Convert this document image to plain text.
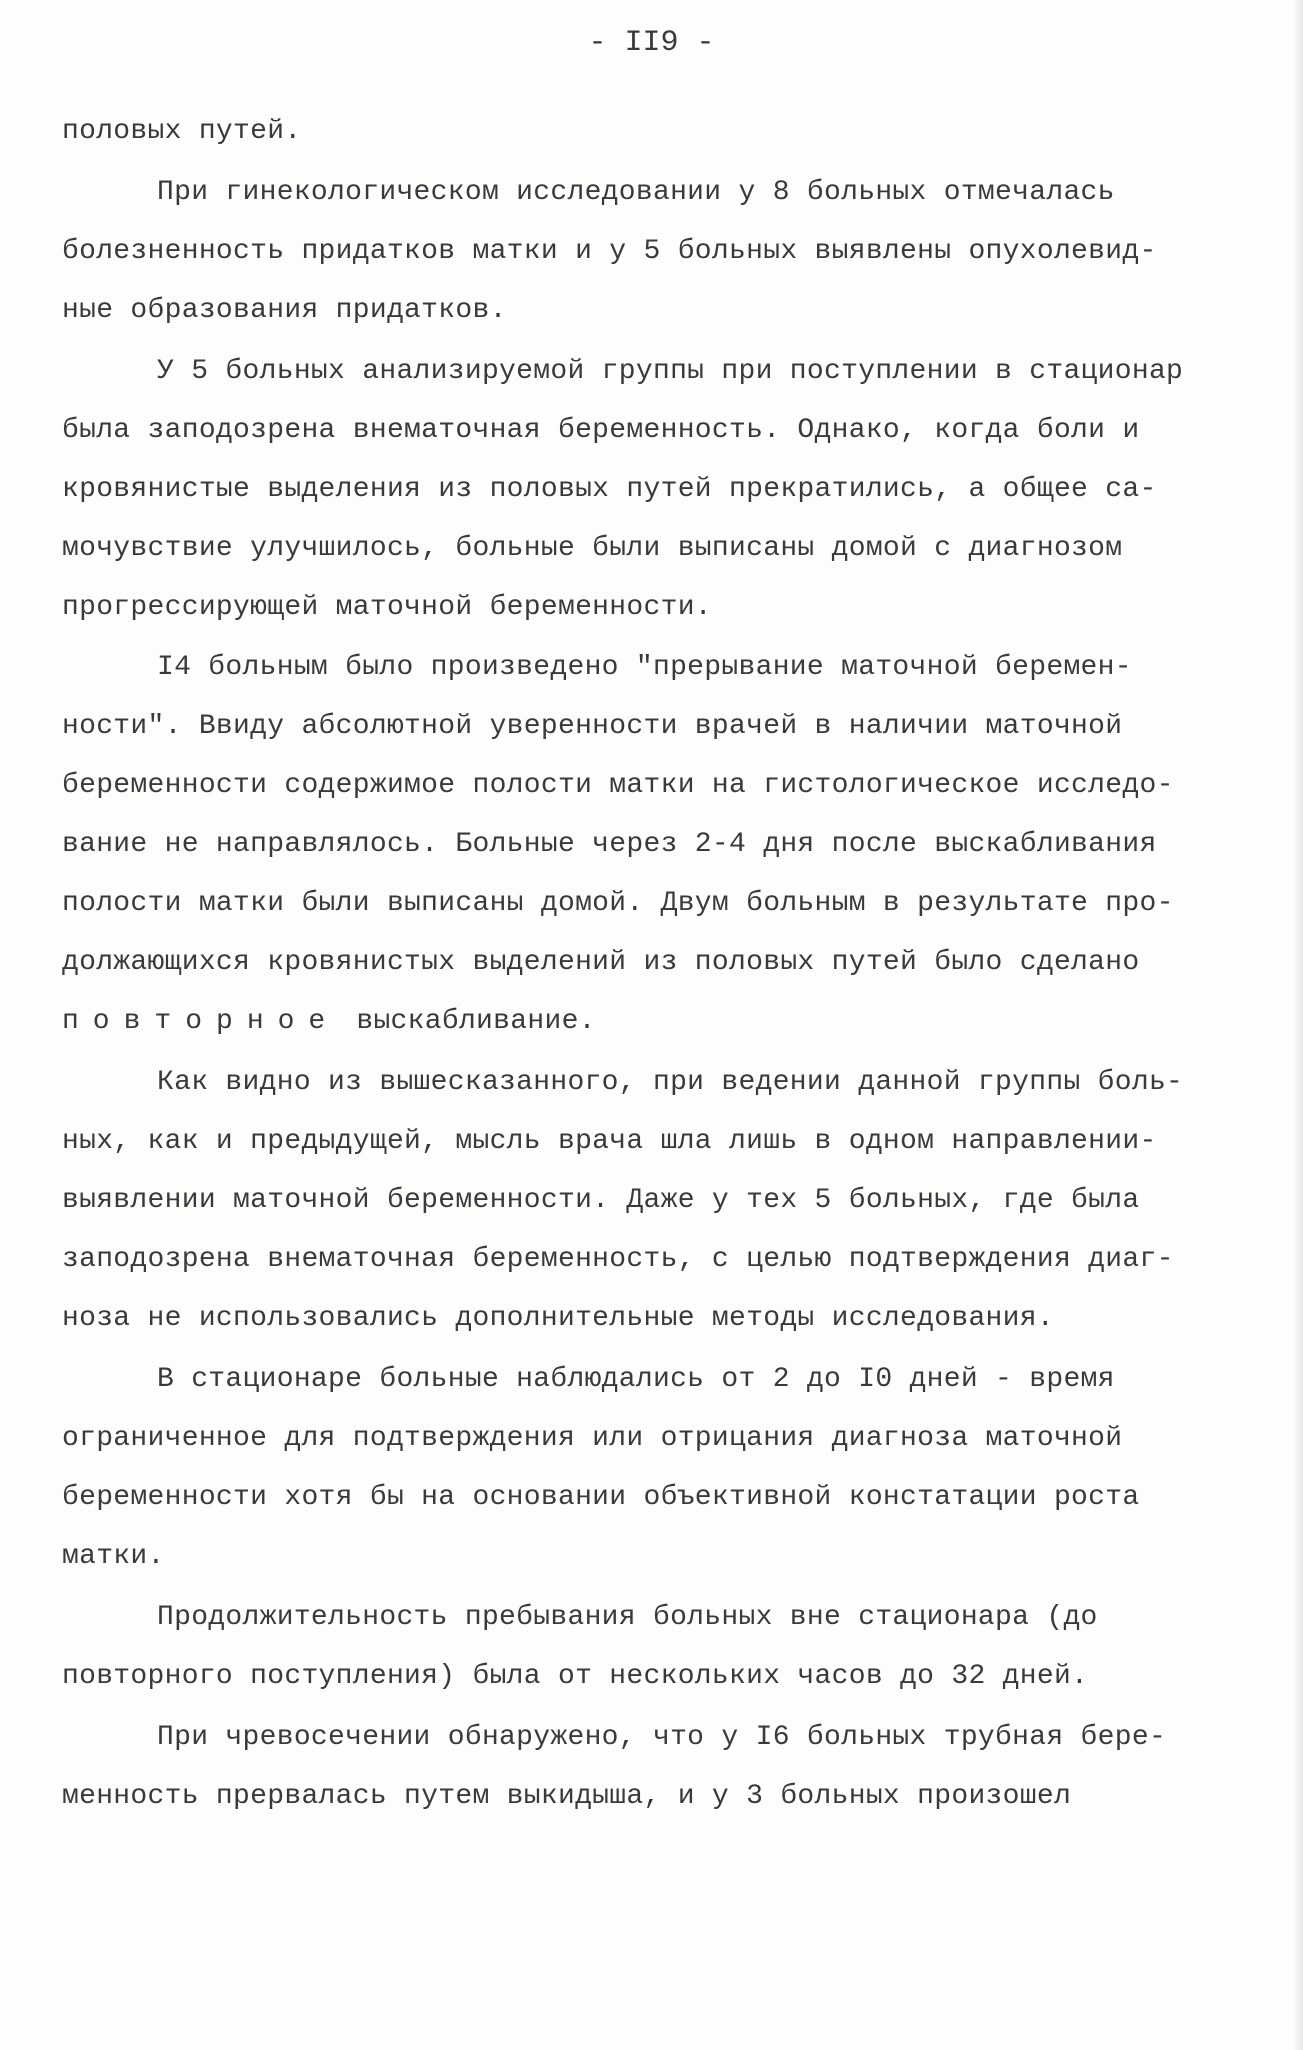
- II9 -
половых путей.
При гинекологическом исследовании у 8 больных отмечалась
болезненность придатков матки и у 5 больных выявлены опухолевид-
ные образования придатков.
У 5 больных анализируемой группы при поступлении в стационар
была заподозрена внематочная беременность. Однако, когда боли и
кровянистые выделения из половых путей прекратились, а общее са-
мочувствие улучшилось, больные были выписаны домой с диагнозом
прогрессирующей маточной беременности.
I4 больным было произведено "прерывание маточной беремен-
ности". Ввиду абсолютной уверенности врачей в наличии маточной
беременности содержимое полости матки на гистологическое исследо-
вание не направлялось. Больные через 2-4 дня после выскабливания
полости матки были выписаны домой. Двум больным в результате про-
должающихся кровянистых выделений из половых путей было сделано
повторное выскабливание.
Как видно из вышесказанного, при ведении данной группы боль-
ных, как и предыдущей, мысль врача шла лишь в одном направлении-
выявлении маточной беременности. Даже у тех 5 больных, где была
заподозрена внематочная беременность, с целью подтверждения диаг-
ноза не использовались дополнительные методы исследования.
В стационаре больные наблюдались от 2 до I0 дней - время
ограниченное для подтверждения или отрицания диагноза маточной
беременности хотя бы на основании объективной констатации роста
матки.
Продолжительность пребывания больных вне стационара (до
повторного поступления) была от нескольких часов до 32 дней.
При чревосечении обнаружено, что у I6 больных трубная бере-
менность прервалась путем выкидыша, и у 3 больных произошел
